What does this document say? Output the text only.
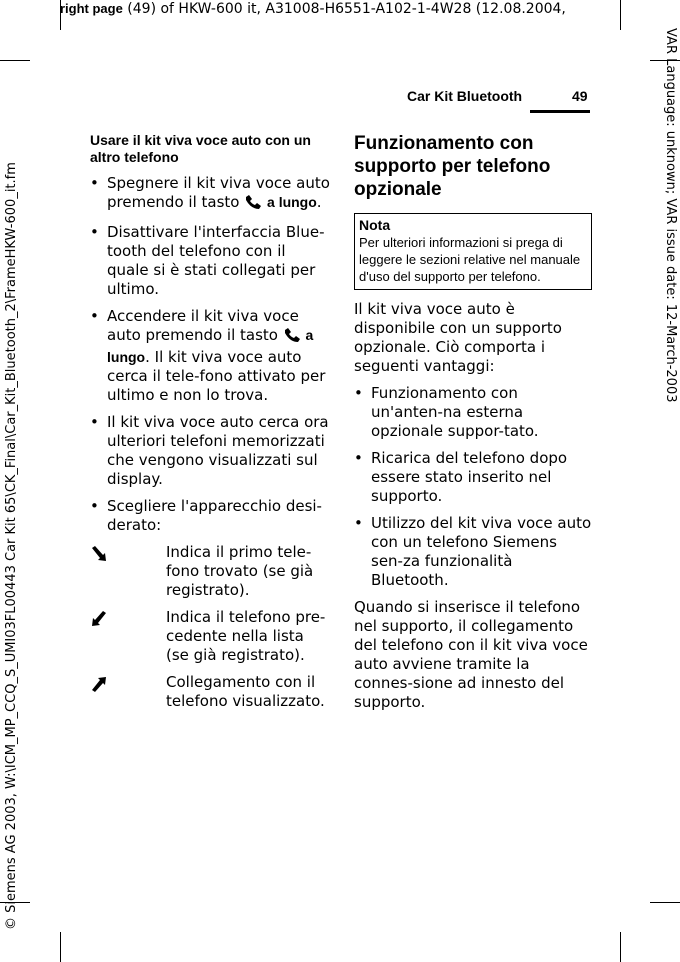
right page (49) of HKW-600 it, A31008-H6551-A102-1-4W28 (12.08.2004,
© Siemens AG 2003, W:\ICM_MP_CCQ_S_UMI03FL00443 Car Kit 65\CK_Final\Car_Kit_Bluetooth_2\FrameHKW-600_it.fm	VAR Language: unknown; VAR issue date: 12-March-2003
Car Kit Bluetooth	49
Usare il kit viva voce auto con un altro telefono
• Spegnere il kit viva voce auto premendo il tasto  a lungo.
• Disattivare l'interfaccia Blue-tooth del telefono con il quale si è stati collegati per ultimo.
• Accendere il kit viva voce auto premendo il tasto  a lungo. Il kit viva voce auto cerca il tele-fono attivato per ultimo e non lo trova.
• Il kit viva voce auto cerca ora ulteriori telefoni memorizzati che vengono visualizzati sul display.
• Scegliere l'apparecchio desi-derato:
Indica il primo tele-fono trovato (se già registrato).
Indica il telefono pre-cedente nella lista (se già registrato).
Collegamento con il telefono visualizzato.
Funzionamento con supporto per telefono opzionale
Nota
Per ulteriori informazioni si prega di leggere le sezioni relative nel manuale d'uso del supporto per telefono.

Il kit viva voce auto è disponibile con un supporto opzionale. Ciò comporta i seguenti vantaggi:

• Funzionamento con un'anten-na esterna opzionale suppor-tato.
• Ricarica del telefono dopo essere stato inserito nel supporto.
• Utilizzo del kit viva voce auto con un telefono Siemens sen-za funzionalità Bluetooth.

Quando si inserisce il telefono nel supporto, il collegamento del telefono con il kit viva voce auto avviene tramite la connes-sione ad innesto del supporto.
